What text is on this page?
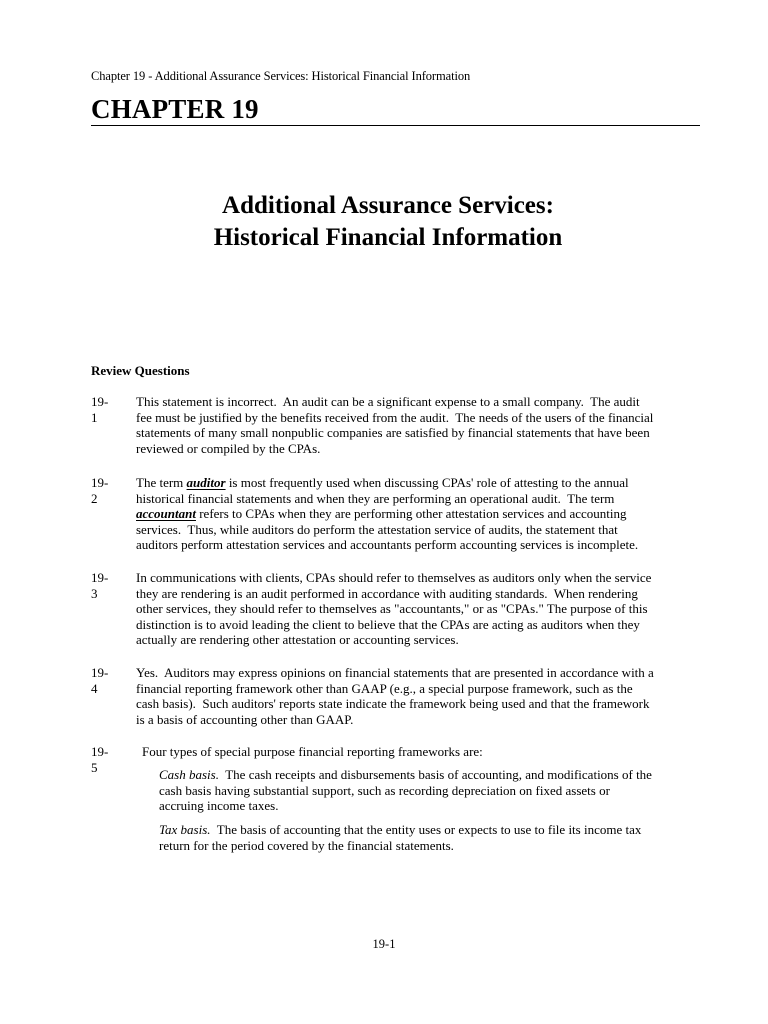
Chapter 19 - Additional Assurance Services: Historical Financial Information
CHAPTER 19
Additional Assurance Services:
Historical Financial Information
Review Questions
19-1
This statement is incorrect.  An audit can be a significant expense to a small company.  The audit
fee must be justified by the benefits received from the audit.  The needs of the users of the financial
statements of many small nonpublic companies are satisfied by financial statements that have been
reviewed or compiled by the CPAs.
19-2
The term auditor is most frequently used when discussing CPAs' role of attesting to the annual
historical financial statements and when they are performing an operational audit.  The term
accountant refers to CPAs when they are performing other attestation services and accounting
services.  Thus, while auditors do perform the attestation service of audits, the statement that
auditors perform attestation services and accountants perform accounting services is incomplete.
19-3
In communications with clients, CPAs should refer to themselves as auditors only when the service
they are rendering is an audit performed in accordance with auditing standards.  When rendering
other services, they should refer to themselves as "accountants," or as "CPAs." The purpose of this
distinction is to avoid leading the client to believe that the CPAs are acting as auditors when they
actually are rendering other attestation or accounting services.
19-4
Yes.  Auditors may express opinions on financial statements that are presented in accordance with a
financial reporting framework other than GAAP (e.g., a special purpose framework, such as the
cash basis).  Such auditors' reports state indicate the framework being used and that the framework
is a basis of accounting other than GAAP.
19-5
Four types of special purpose financial reporting frameworks are:
Cash basis.  The cash receipts and disbursements basis of accounting, and modifications of the
cash basis having substantial support, such as recording depreciation on fixed assets or
accruing income taxes.
Tax basis.  The basis of accounting that the entity uses or expects to use to file its income tax
return for the period covered by the financial statements.
19-1
